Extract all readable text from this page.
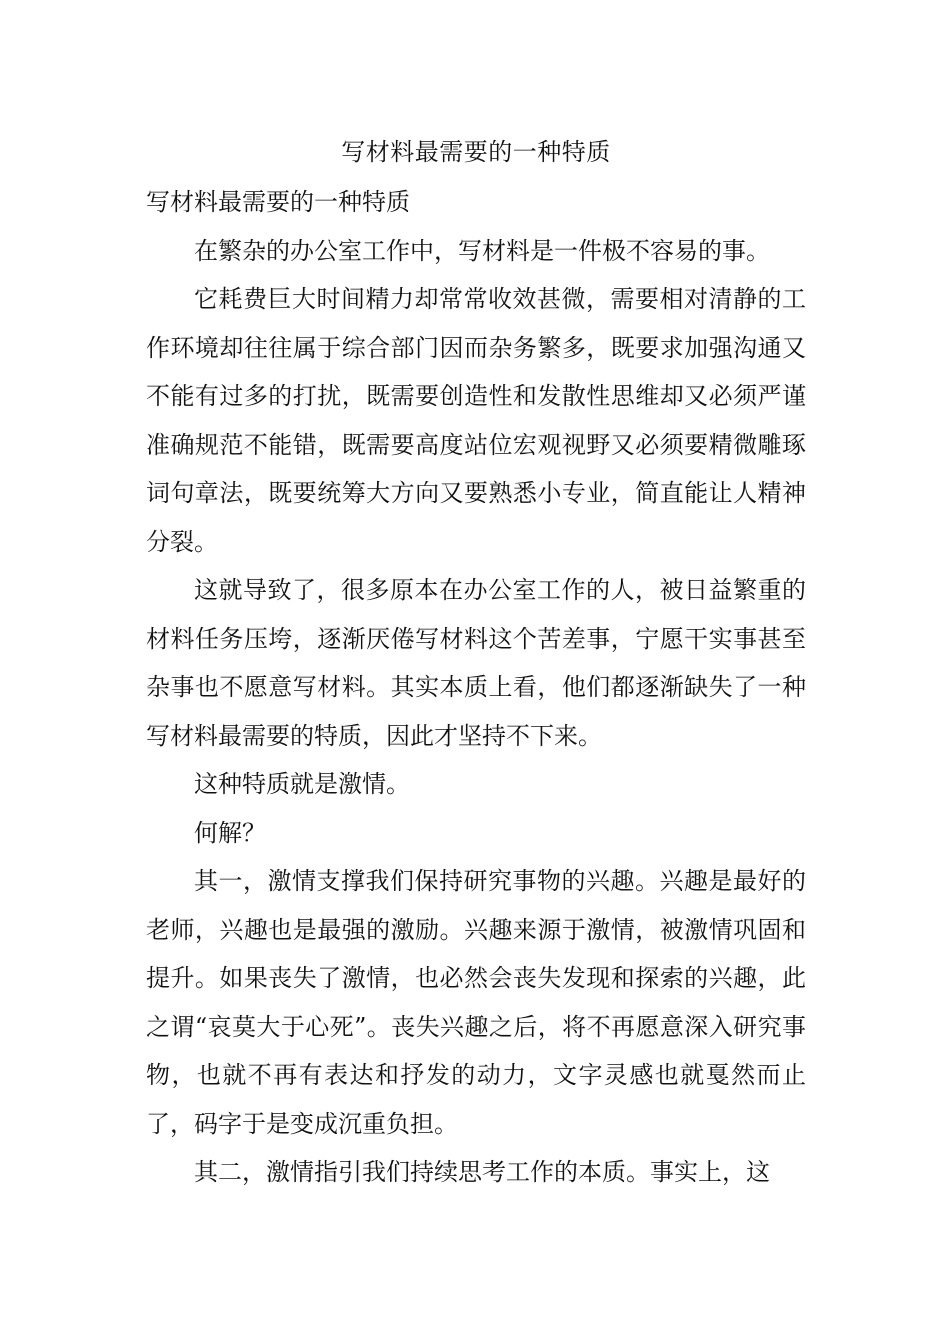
写材料最需要的一种特质

写材料最需要的一种特质

在繁杂的办公室工作中，写材料是一件极不容易的事。

它耗费巨大时间精力却常常收效甚微，需要相对清静的工作环境却往往属于综合部门因而杂务繁多，既要求加强沟通又不能有过多的打扰，既需要创造性和发散性思维却又必须严谨准确规范不能错，既需要高度站位宏观视野又必须要精微雕琢词句章法，既要统筹大方向又要熟悉小专业，简直能让人精神分裂。

这就导致了，很多原本在办公室工作的人，被日益繁重的材料任务压垮，逐渐厌倦写材料这个苦差事，宁愿干实事甚至杂事也不愿意写材料。其实本质上看，他们都逐渐缺失了一种写材料最需要的特质，因此才坚持不下来。

这种特质就是激情。

何解？

其一，激情支撑我们保持研究事物的兴趣。兴趣是最好的老师，兴趣也是最强的激励。兴趣来源于激情，被激情巩固和提升。如果丧失了激情，也必然会丧失发现和探索的兴趣，此之谓“哀莫大于心死”。丧失兴趣之后，将不再愿意深入研究事物，也就不再有表达和抒发的动力，文字灵感也就戛然而止了，码字于是变成沉重负担。

其二，激情指引我们持续思考工作的本质。事实上，这
